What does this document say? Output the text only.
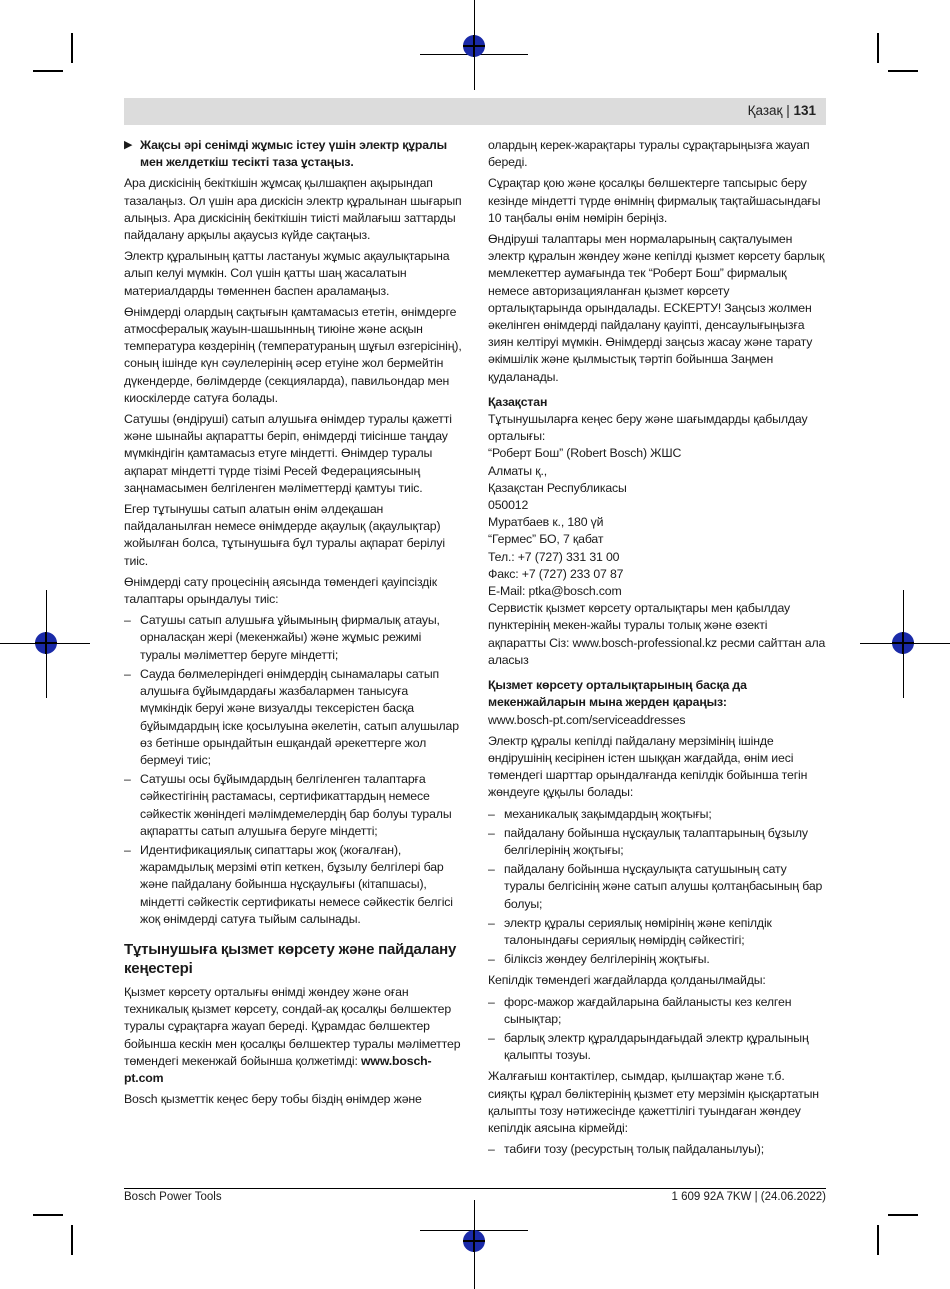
Қазақ | 131

▶ Жақсы әрі сенімді жұмыс істеу үшін электр құралы мен желдеткіш тесікті таза ұстаңыз.

Ара дискісінің бекіткішін жұмсақ қылшақпен ақырындап тазалаңыз. Ол үшін ара дискісін электр құралынан шығарып алыңыз. Ара дискісінің бекіткішін тиісті майлағыш заттарды пайдалану арқылы ақаусыз күйде сақтаңыз.

Электр құралының қатты ластануы жұмыс ақаулықтарына алып келуі мүмкін. Сол үшін қатты шаң жасалатын материалдарды төменнен баспен араламаңыз.

Өнімдерді олардың сақтығын қамтамасыз ететін, өнімдерге атмосфералық жауын-шашынның тиюіне және асқын температура көздерінің (температураның шұғыл өзгерісінің), соның ішінде күн сәулелерінің әсер етуіне жол бермейтін дүкендерде, бөлімдерде (секцияларда), павильондар мен киоскілерде сатуға болады.

Сатушы (өндіруші) сатып алушыға өнімдер туралы қажетті және шынайы ақпаратты беріп, өнімдерді тиісінше таңдау мүмкіндігін қамтамасыз етуге міндетті. Өнімдер туралы ақпарат міндетті түрде тізімі Ресей Федерациясының заңнамасымен белгіленген мәліметтерді қамтуы тиіс.

Егер тұтынушы сатып алатын өнім әлдеқашан пайдаланылған немесе өнімдерде ақаулық (ақаулықтар) жойылған болса, тұтынушыға бұл туралы ақпарат берілуі тиіс.

Өнімдерді сату процесінің аясында төмендегі қауіпсіздік талаптары орындалуы тиіс:

– Сатушы сатып алушыға ұйымының фирмалық атауы, орналасқан жері (мекенжайы) және жұмыс режимі туралы мәліметтер беруге міндетті;
– Сауда бөлмелеріндегі өнімдердің сынамалары сатып алушыға бұйымдардағы жазбалармен танысуға мүмкіндік беруі және визуалды тексерістен басқа бұйымдардың іске қосылуына әкелетін, сатып алушылар өз бетінше орындайтын ешқандай әрекеттерге жол бермеуі тиіс;
– Сатушы осы бұйымдардың белгіленген талаптарға сәйкестігінің растамасы, сертификаттардың немесе сәйкестік жөніндегі мәлімдемелердің бар болуы туралы ақпаратты сатып алушыға беруге міндетті;
– Идентификациялық сипаттары жоқ (жоғалған), жарамдылық мерзімі өтіп кеткен, бұзылу белгілері бар және пайдалану бойынша нұсқаулығы (кітапшасы), міндетті сәйкестік сертификаты немесе сәйкестік белгісі жоқ өнімдерді сатуға тыйым салынады.
Тұтынушыға қызмет көрсету және пайдалану кеңестері

Қызмет көрсету орталығы өнімді жөндеу және оған техникалық қызмет көрсету, сондай-ақ қосалқы бөлшектер туралы сұрақтарға жауап береді. Құрамдас бөлшектер бойынша кескін мен қосалқы бөлшектер туралы мәліметтер төмендегі мекенжай бойынша қолжетімді: www.bosch-pt.com

Bosch қызметтік кеңес беру тобы біздің өнімдер және

олардың керек-жарақтары туралы сұрақтарыңызға жауап береді.

Сұрақтар қою және қосалқы бөлшектерге тапсырыс беру кезінде міндетті түрде өнімнің фирмалық тақтайшасындағы 10 таңбалы өнім нөмірін беріңіз.

Өндіруші талаптары мен нормаларының сақталуымен электр құралын жөндеу және кепілді қызмет көрсету барлық мемлекеттер аумағында тек “Роберт Бош” фирмалық немесе авторизацияланған қызмет көрсету орталықтарында орындалады. ЕСКЕРТУ! Заңсыз жолмен әкелінген өнімдерді пайдалану қауіпті, денсаулығыңызға зиян келтіруі мүмкін. Өнімдерді заңсыз жасау және тарату әкімшілік және қылмыстық тәртіп бойынша Заңмен қудаланады.

Қазақстан

Тұтынушыларға кеңес беру және шағымдарды қабылдау орталығы:
“Роберт Бош” (Robert Bosch) ЖШС
Алматы қ.,
Қазақстан Республикасы
050012
Муратбаев к., 180 үй
“Гермес” БО, 7 қабат
Тел.: +7 (727) 331 31 00
Факс: +7 (727) 233 07 87
E-Mail: ptka@bosch.com
Сервистік қызмет көрсету орталықтары мен қабылдау пунктерінің мекен-жайы туралы толық және өзекті ақпаратты Сіз: www.bosch-professional.kz ресми сайттан ала аласыз

Қызмет көрсету орталықтарының басқа да мекенжайларын мына жерден қараңыз:

www.bosch-pt.com/serviceaddresses

Электр құралы кепілді пайдалану мерзімінің ішінде өндірушінің кесірінен істен шыққан жағдайда, өнім иесі төмендегі шарттар орындалғанда кепілдік бойынша тегін жөндеуге құқылы болады:

– механикалық зақымдардың жоқтығы;
– пайдалану бойынша нұсқаулық талаптарының бұзылу белгілерінің жоқтығы;
– пайдалану бойынша нұсқаулықта сатушының сату туралы белгісінің және сатып алушы қолтаңбасының бар болуы;
– электр құралы сериялық нөмірінің және кепілдік талонындағы сериялық нөмірдің сәйкестігі;
– біліксіз жөндеу белгілерінің жоқтығы.

Кепілдік төмендегі жағдайларда қолданылмайды:

– форс-мажор жағдайларына байланысты кез келген сынықтар;
– барлық электр құралдарындағыдай электр құралының қалыпты тозуы.

Жалғағыш контактілер, сымдар, қылшақтар және т.б. сияқты құрал бөліктерінің қызмет ету мерзімін қысқартатын қалыпты тозу нәтижесінде қажеттілігі туындаған жөндеу кепілдік аясына кірмейді:

– табиғи тозу (ресурстың толық пайдаланылуы);
Bosch Power Tools	1 609 92A 7KW | (24.06.2022)
